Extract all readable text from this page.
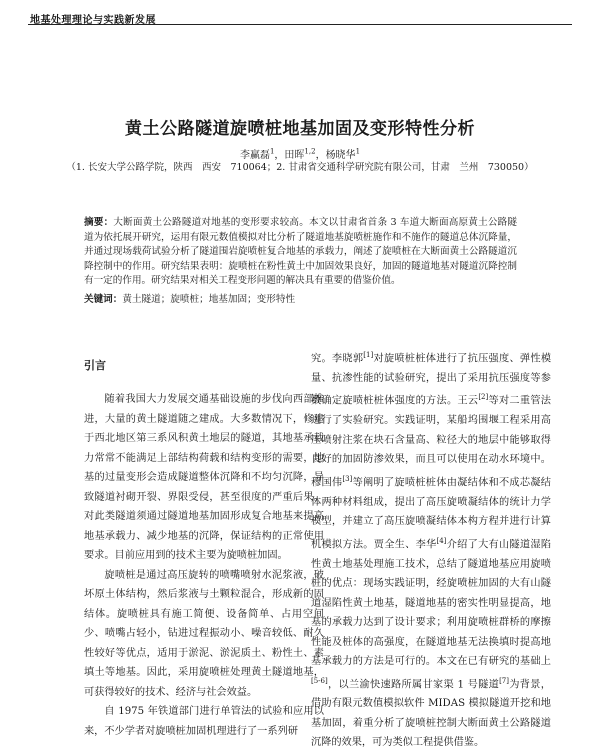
地基处理理论与实践新发展
黄土公路隧道旋喷桩地基加固及变形特性分析
李赢磊$^1$，田晖$^{1,2}$，杨晓华$^1$
（1. 长安大学公路学院，陕西　西安　710064；2. 甘肃省交通科学研究院有限公司，甘肃　兰州　730050）
摘要：大断面黄土公路隧道对地基的变形要求较高。本文以甘肃省首条 3 车道大断面高原黄土公路隧道为依托展开研究，运用有限元数值模拟对比分析了隧道地基旋喷桩施作和不施作的隧道总体沉降量，并通过现场载荷试验分析了隧道围岩旋喷桩复合地基的承载力，阐述了旋喷桩在大断面黄土公路隧道沉降控制中的作用。研究结果表明：旋喷桩在粉性黄土中加固效果良好，加固的隧道地基对隧道沉降控制有一定的作用。研究结果对相关工程变形问题的解决具有重要的借鉴价值。
关键词：黄土隧道；旋喷桩；地基加固；变形特性
引言

随着我国大力发展交通基础设施的步伐向西部推进，大量的黄土隧道随之建成。大多数情况下，修建于西北地区第三系风积黄土地层的隧道，其地基承载力常常不能满足上部结构荷载和结构变形的需要，地基的过量变形会造成隧道整体沉降和不均匀沉降，导致隧道衬砌开裂、界限受侵，甚至很度的严重后果。对此类隧道须通过隧道地基加固形成复合地基来提高地基承载力、减少地基的沉降，保证结构的正常使用要求。目前应用到的技术主要为旋喷桩加固。

旋喷桩是通过高压旋转的喷嘴喷射水泥浆液，破坏原土体结构，然后浆液与土颗粒混合，形成新的固结体。旋喷桩具有施工简便、设备简单、占用空间少、喷嘴占轻小，钻进过程振动小、噪音较低、耐久性较好等优点，适用于淤泥、淤泥质土、粉性土、素填土等地基。因此，采用旋喷桩处理黄土隧道地基，可获得较好的技术、经济与社会效益。

自 1975 年铁道部门进行单管法的试验和应用以来，不少学者对旋喷桩加固机理进行了一系列研

究。李晓郭[1]对旋喷桩桩体进行了抗压强度、弹性模量、抗渗性能的试验研究，提出了采用抗压强度等参数确定旋喷桩桩体强度的方法。王云[2]等对二重管法进行了实验研究。实践证明，某船坞围堰工程采用高压喷射注浆在块石含量高、粒径大的地层中能够取得良好的加固防渗效果，而且可以使用在动水环境中。穆国伟[3]等阐明了旋喷桩桩体由凝结体和不成芯凝结体两种材料组成，提出了高压旋喷凝结体的统计力学模型，并建立了高压旋喷凝结体本构方程并进行计算机模拟方法。贾全生、李华[4]介绍了大有山隧道湿陷性黄土地基处理施工技术，总结了隧道地基应用旋喷桩的优点：现场实践证明，经旋喷桩加固的大有山隧道湿陷性黄土地基，隧道地基的密实性明显提高，地基的承载力达到了设计要求；利用旋喷桩群桥的摩擦性能及桩体的高强度，在隧道地基无法换填时提高地基承载力的方法是可行的。本文在已有研究的基础上[5-6]，以兰渝快速路所属甘家渠 1 号隧道[7]为背景，借助有限元数值模拟软件 MIDAS 模拟隧道开挖和地基加固，着重分析了旋喷桩控制大断面黄土公路隧道沉降的效果，可为类似工程提供借鉴。
